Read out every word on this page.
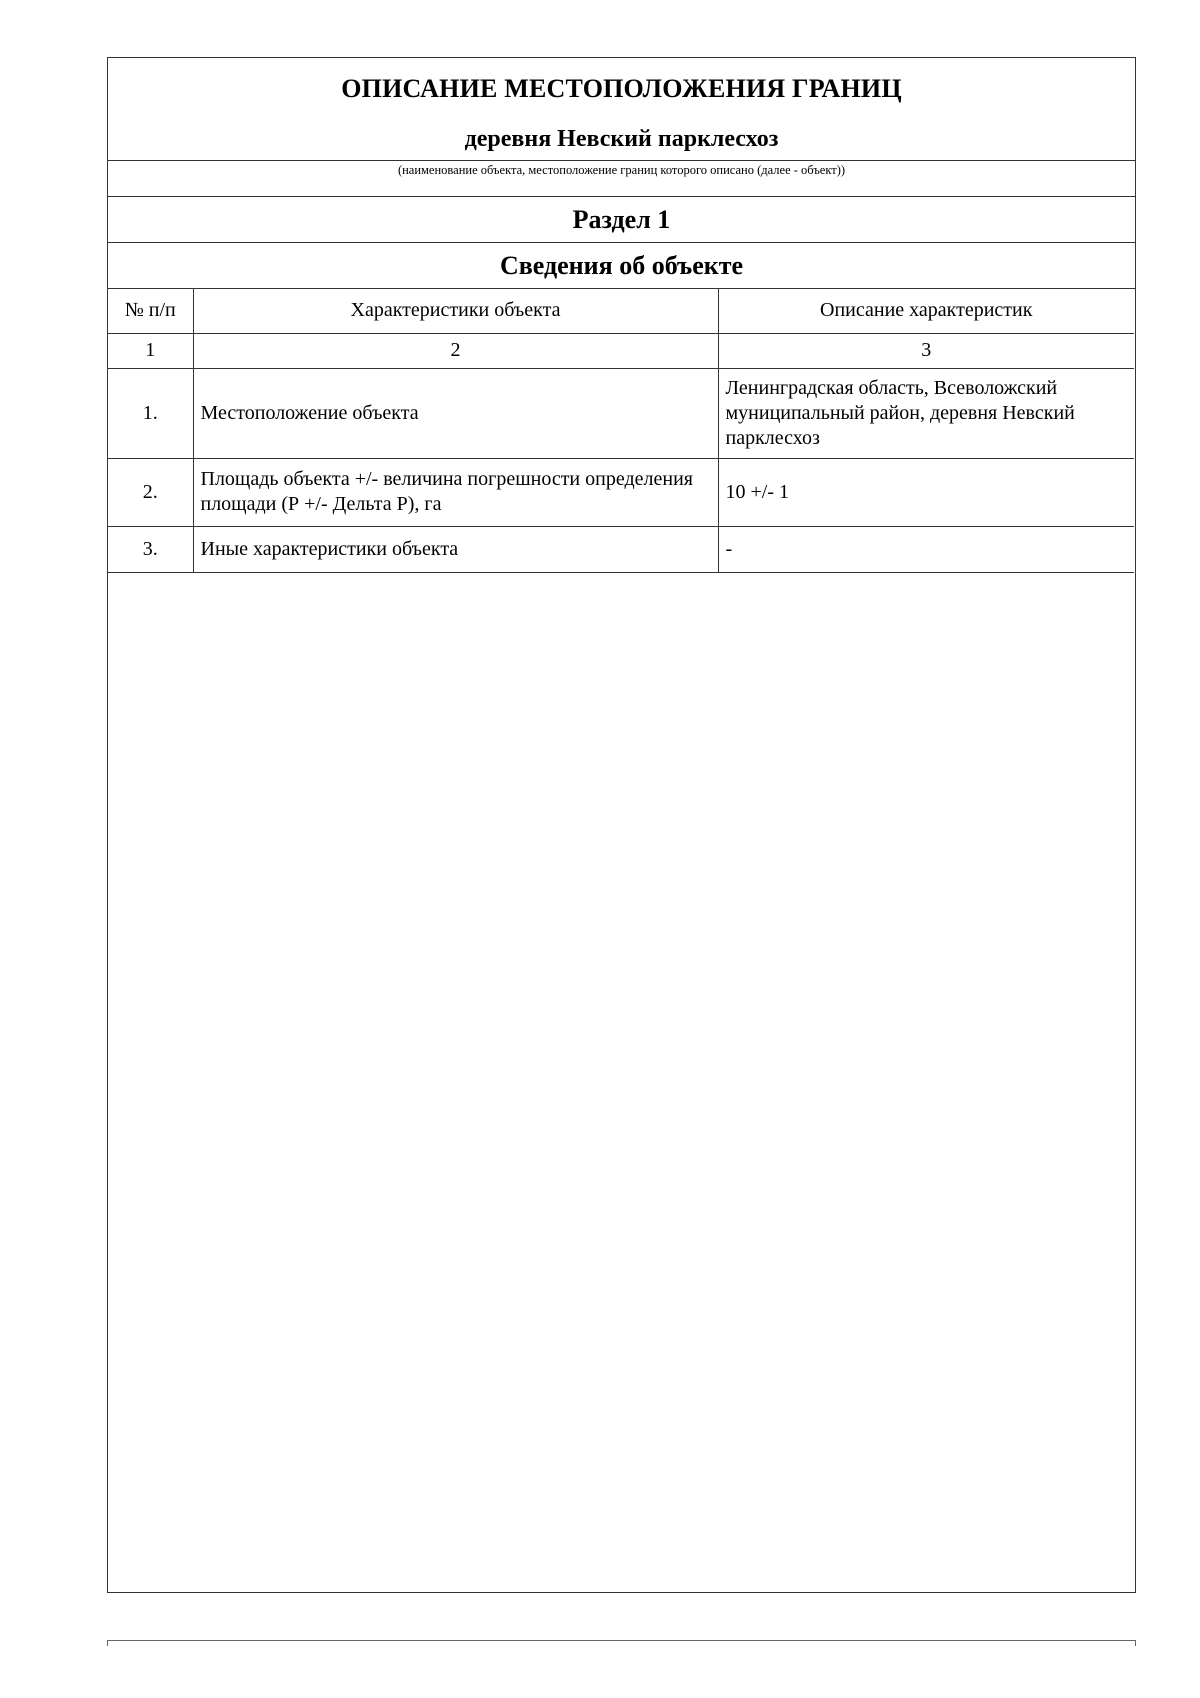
ОПИСАНИЕ МЕСТОПОЛОЖЕНИЯ ГРАНИЦ
деревня Невский парклесхоз
(наименование объекта, местоположение границ которого описано (далее - объект))
Раздел 1
Сведения об объекте
№ п/п	Характеристики объекта	Описание характеристик
1	2	3
1.	Местоположение объекта	Ленинградская область, Всеволожский муниципальный район, деревня Невский парклесхоз
2.	Площадь объекта +/- величина погрешности определения площади (Р +/- Дельта Р), га	10 +/- 1
3.	Иные характеристики объекта	-
